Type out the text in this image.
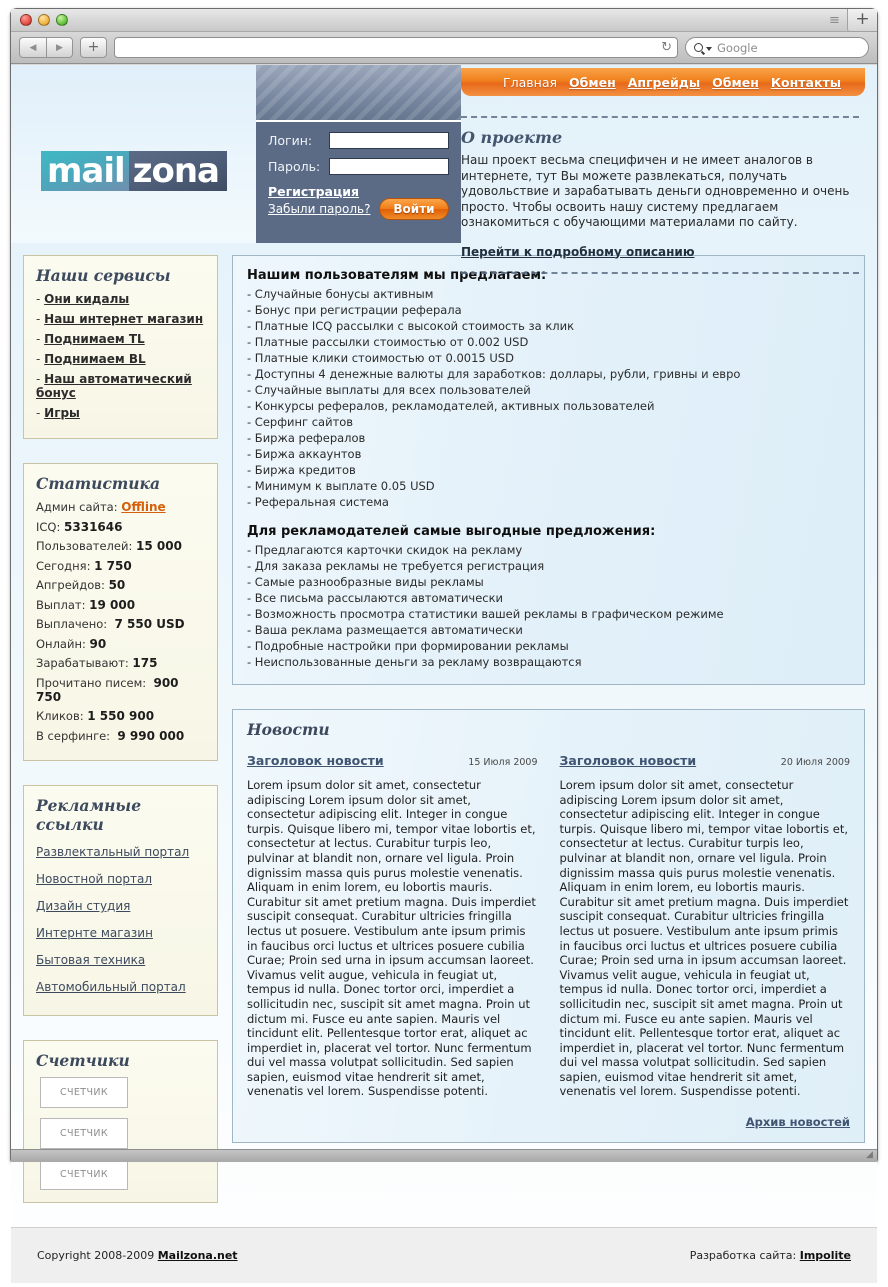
≡ +
◀	▶	+	↻	Google
mail zona
Логин:
Пароль:
Регистрация
Забыли пароль?	Войти
Главная Обмен Апгрейды Обмен Контакты
О проекте

Наш проект весьма специфичен и не имеет аналогов в интернете, тут Вы можете развлекаться, получать удовольствие и зарабатывать деньги одновременно и очень просто. Чтобы освоить нашу систему предлагаем ознакомиться с обучающими материалами по сайту.

Перейти к подробному описанию
Наши сервисы
- Они кидалы
- Наш интернет магазин
- Поднимаем TL
- Поднимаем BL
- Наш автоматический бонус
- Игры
Статистика
Админ сайта: Offline
ICQ: 5331646
Пользователей: 15 000
Сегодня: 1 750
Апгрейдов: 50
Выплат: 19 000
Выплачено: 7 550 USD
Онлайн: 90
Зарабатывают: 175
Прочитано писем: 900 750
Кликов: 1 550 900
В серфинге: 9 990 000
Рекламные ссылки
Развлектальный портал
Новостной портал
Дизайн студия
Интернте магазин
Бытовая техника
Автомобильный портал
Счетчики
СЧЕТЧИК
СЧЕТЧИК
СЧЕТЧИК
Нашим пользователям мы предлагаем:
- Случайные бонусы активным
- Бонус при регистрации реферала
- Платные ICQ рассылки с высокой стоимость за клик
- Платные рассылки стоимостью от 0.002 USD
- Платные клики стоимостью от 0.0015 USD
- Доступны 4 денежные валюты для заработков: доллары, рубли, гривны и евро
- Случайные выплаты для всех пользователей
- Конкурсы рефералов, рекламодателей, активных пользователей
- Серфинг сайтов
- Биржа рефералов
- Биржа аккаунтов
- Биржа кредитов
- Минимум к выплате 0.05 USD
- Реферальная система
Для рекламодателей самые выгодные предложения:
- Предлагаются карточки скидок на рекламу
- Для заказа рекламы не требуется регистрация
- Самые разнообразные виды рекламы
- Все письма рассылаются автоматически
- Возможность просмотра статистики вашей рекламы в графическом режиме
- Ваша реклама размещается автоматически
- Подробные настройки при формировании рекламы
- Неиспользованные деньги за рекламу возвращаются
Новости
Заголовок новости	15 Июля 2009

Lorem ipsum dolor sit amet, consectetur adipiscing Lorem ipsum dolor sit amet, consectetur adipiscing elit. Integer in congue turpis. Quisque libero mi, tempor vitae lobortis et, consectetur at lectus. Curabitur turpis leo, pulvinar at blandit non, ornare vel ligula. Proin dignissim massa quis purus molestie venenatis. Aliquam in enim lorem, eu lobortis mauris. Curabitur sit amet pretium magna. Duis imperdiet suscipit consequat. Curabitur ultricies fringilla lectus ut posuere. Vestibulum ante ipsum primis in faucibus orci luctus et ultrices posuere cubilia Curae; Proin sed urna in ipsum accumsan laoreet. Vivamus velit augue, vehicula in feugiat ut, tempus id nulla. Donec tortor orci, imperdiet a sollicitudin nec, suscipit sit amet magna. Proin ut dictum mi. Fusce eu ante sapien. Mauris vel tincidunt elit. Pellentesque tortor erat, aliquet ac imperdiet in, placerat vel tortor. Nunc fermentum dui vel massa volutpat sollicitudin. Sed sapien sapien, euismod vitae hendrerit sit amet, venenatis vel lorem. Suspendisse potenti.

Заголовок новости	20 Июля 2009

Lorem ipsum dolor sit amet, consectetur adipiscing Lorem ipsum dolor sit amet, consectetur adipiscing elit. Integer in congue turpis. Quisque libero mi, tempor vitae lobortis et, consectetur at lectus. Curabitur turpis leo, pulvinar at blandit non, ornare vel ligula. Proin dignissim massa quis purus molestie venenatis. Aliquam in enim lorem, eu lobortis mauris. Curabitur sit amet pretium magna. Duis imperdiet suscipit consequat. Curabitur ultricies fringilla lectus ut posuere. Vestibulum ante ipsum primis in faucibus orci luctus et ultrices posuere cubilia Curae; Proin sed urna in ipsum accumsan laoreet. Vivamus velit augue, vehicula in feugiat ut, tempus id nulla. Donec tortor orci, imperdiet a sollicitudin nec, suscipit sit amet magna. Proin ut dictum mi. Fusce eu ante sapien. Mauris vel tincidunt elit. Pellentesque tortor erat, aliquet ac imperdiet in, placerat vel tortor. Nunc fermentum dui vel massa volutpat sollicitudin. Sed sapien sapien, euismod vitae hendrerit sit amet, venenatis vel lorem. Suspendisse potenti.

Архив новостей
Copyright 2008-2009 Mailzona.net	Разработка сайта: Impolite
◢
